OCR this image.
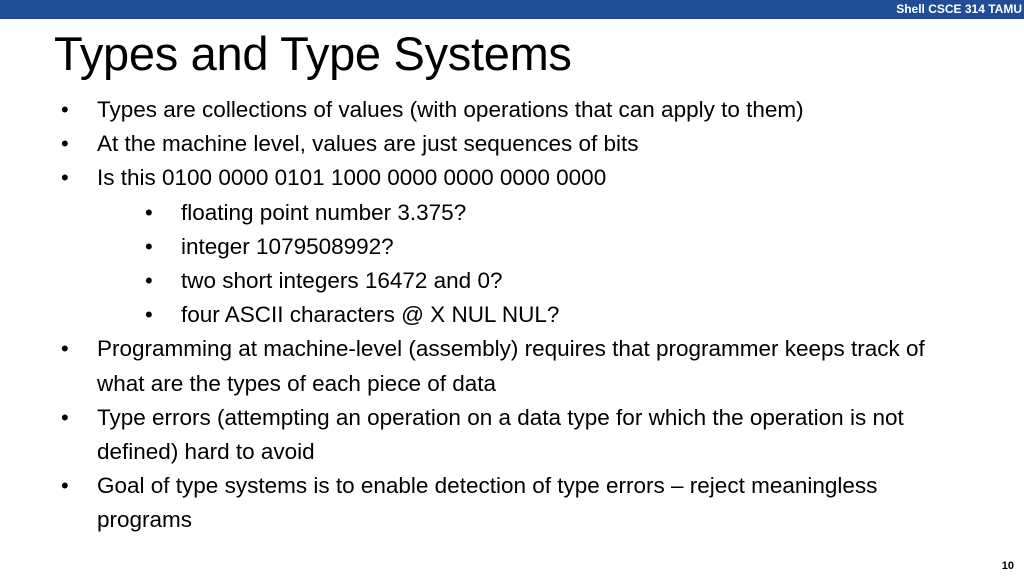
Shell CSCE 314 TAMU
Types and Type Systems
• Types are collections of values (with operations that can apply to them)
• At the machine level, values are just sequences of bits
• Is this 0100 0000 0101 1000 0000 0000 0000 0000
• floating point number 3.375?
• integer 1079508992?
• two short integers 16472 and 0?
• four ASCII characters @ X NUL NUL?
• Programming at machine-level (assembly) requires that programmer keeps track of what are the types of each piece of data
• Type errors (attempting an operation on a data type for which the operation is not defined) hard to avoid
• Goal of type systems is to enable detection of type errors – reject meaningless programs
10
